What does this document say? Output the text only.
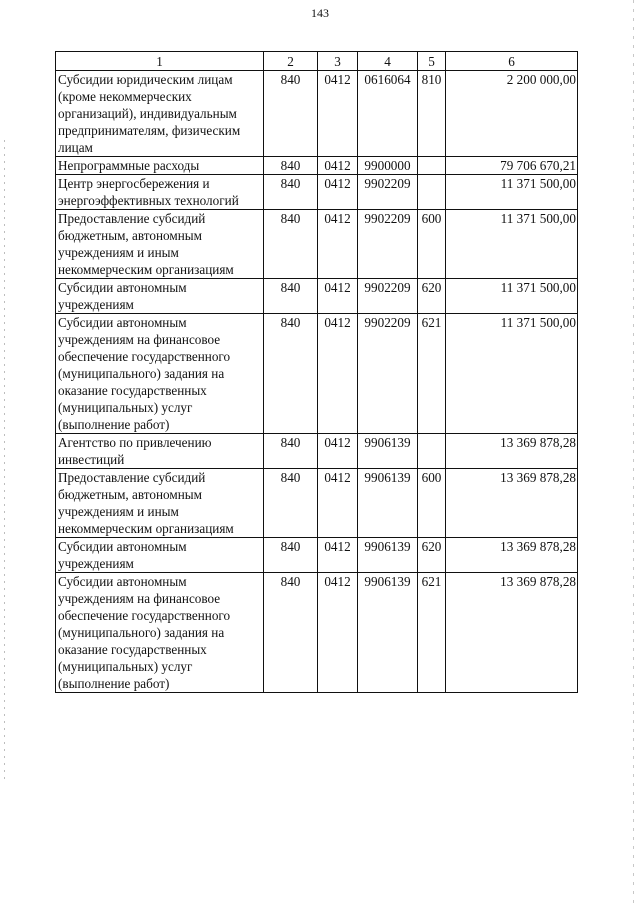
143
1	2	3	4	5	6
Субсидии юридическим лицам (кроме некоммерческих организаций), индивидуальным предпринимателям, физическим лицам	840	0412	0616064	810	2 200 000,00
Непрограммные расходы	840	0412	9900000		79 706 670,21
Центр энергосбережения и энергоэффективных технологий	840	0412	9902209		11 371 500,00
Предоставление субсидий бюджетным, автономным учреждениям и иным некоммерческим организациям	840	0412	9902209	600	11 371 500,00
Субсидии автономным учреждениям	840	0412	9902209	620	11 371 500,00
Субсидии автономным учреждениям на финансовое обеспечение государственного (муниципального) задания на оказание государственных (муниципальных) услуг (выполнение работ)	840	0412	9902209	621	11 371 500,00
Агентство по привлечению инвестиций	840	0412	9906139		13 369 878,28
Предоставление субсидий бюджетным, автономным учреждениям и иным некоммерческим организациям	840	0412	9906139	600	13 369 878,28
Субсидии автономным учреждениям	840	0412	9906139	620	13 369 878,28
Субсидии автономным учреждениям на финансовое обеспечение государственного (муниципального) задания на оказание государственных (муниципальных) услуг (выполнение работ)	840	0412	9906139	621	13 369 878,28
